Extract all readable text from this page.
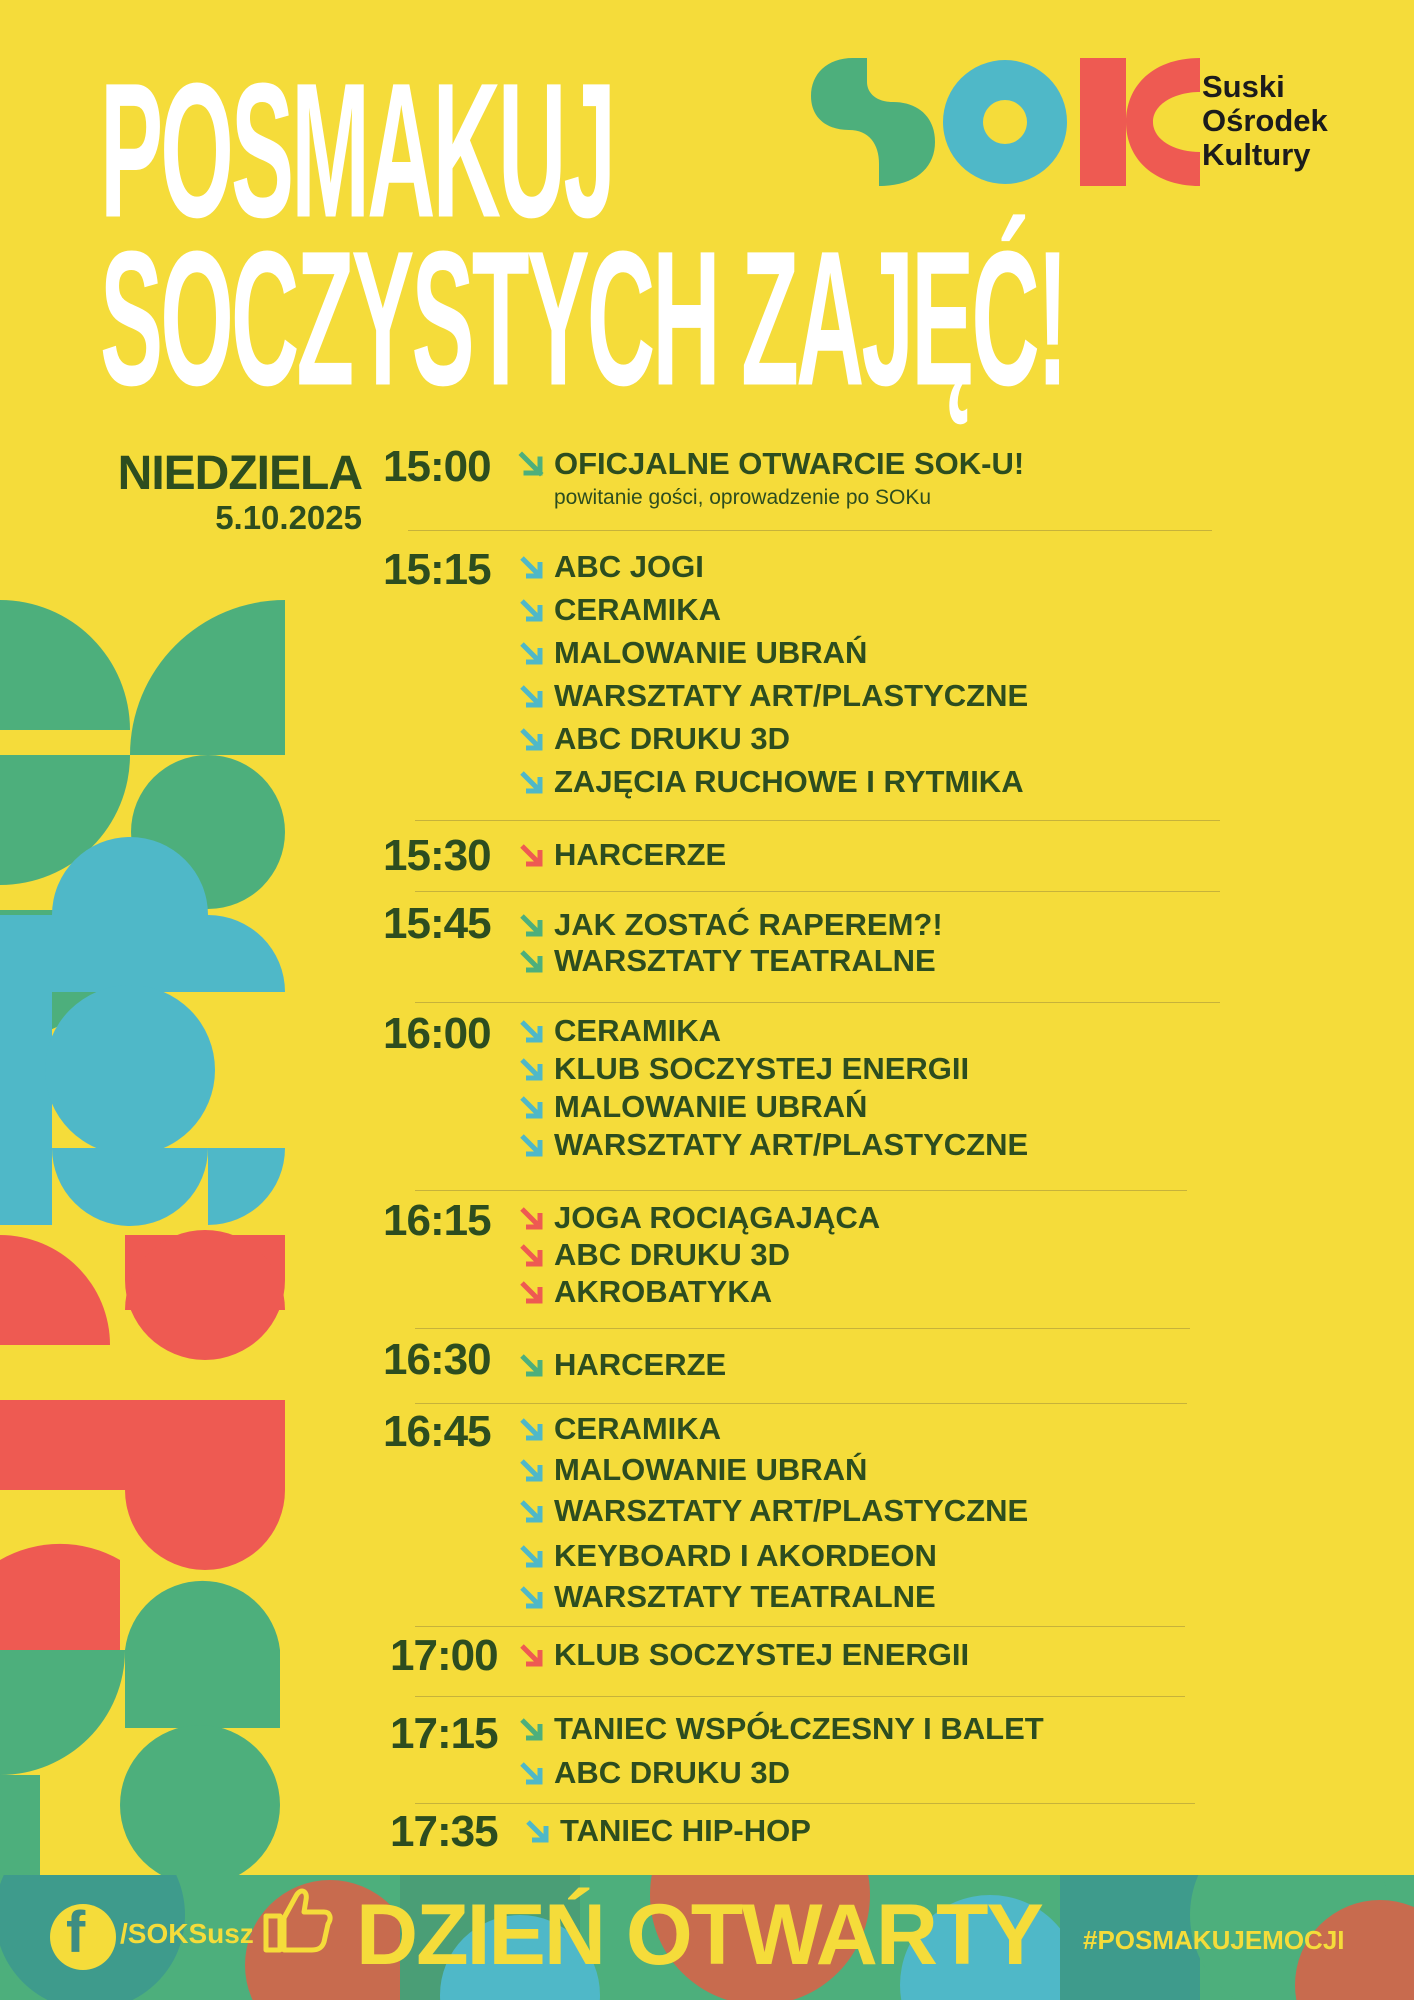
POSMAKUJ
SOCZYSTYCH ZAJĘĆ!
Suski
Ośrodek
Kultury
NIEDZIELA
5.10.2025
15:00	OFICJALNE OTWARCIE SOK-U!
powitanie gości, oprowadzenie po SOKu
15:15	ABC JOGI
CERAMIKA
MALOWANIE UBRAŃ
WARSZTATY ART/PLASTYCZNE
ABC DRUKU 3D
ZAJĘCIA RUCHOWE I RYTMIKA
15:30	HARCERZE
15:45	JAK ZOSTAĆ RAPEREM?!
WARSZTATY TEATRALNE
16:00	CERAMIKA
KLUB SOCZYSTEJ ENERGII
MALOWANIE UBRAŃ
WARSZTATY ART/PLASTYCZNE
16:15	JOGA ROCIĄGAJĄCA
ABC DRUKU 3D
AKROBATYKA
16:30	HARCERZE
16:45	CERAMIKA
MALOWANIE UBRAŃ
WARSZTATY ART/PLASTYCZNE
KEYBOARD I AKORDEON
WARSZTATY TEATRALNE
17:00	KLUB SOCZYSTEJ ENERGII
17:15	TANIEC WSPÓŁCZESNY I BALET
ABC DRUKU 3D
17:35	TANIEC HIP-HOP
f /SOKSusz DZIEŃ OTWARTY #POSMAKUJEMOCJI
